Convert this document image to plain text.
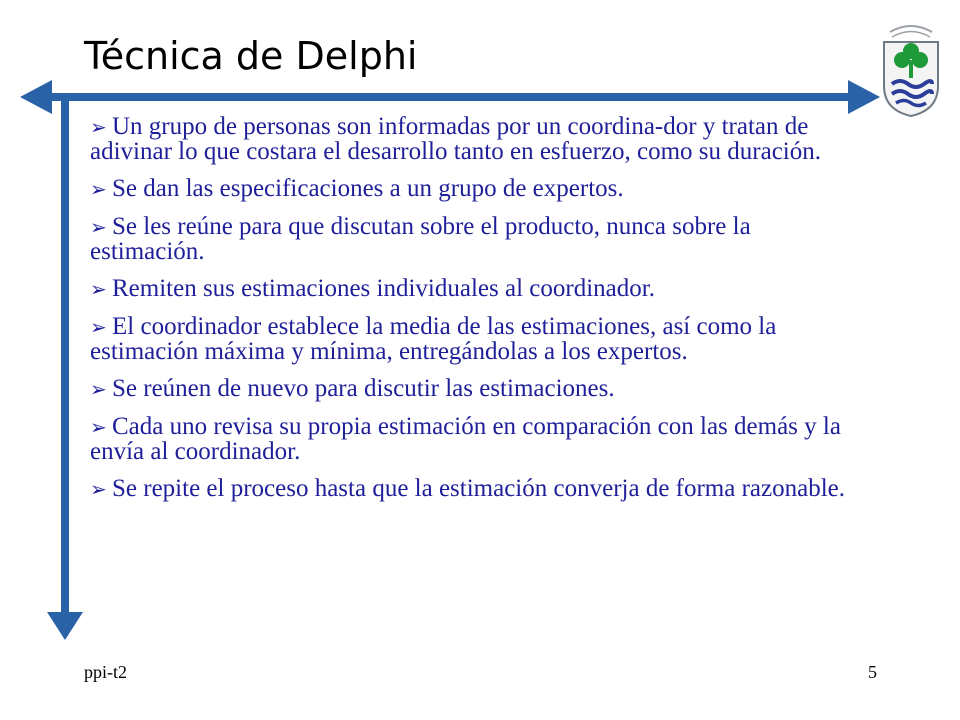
Técnica de Delphi
➢ Un grupo de personas son informadas por un coordina-dor y tratan de adivinar lo que costara el desarrollo tanto en esfuerzo, como su duración.
➢ Se dan las especificaciones a un grupo de expertos.
➢ Se les reúne para que discutan sobre el producto, nunca sobre la estimación.
➢ Remiten sus estimaciones individuales al coordinador.
➢ El coordinador establece la media de las estimaciones, así como la estimación máxima y mínima, entregándolas a los expertos.
➢ Se reúnen de nuevo para discutir las estimaciones.
➢ Cada uno revisa su propia estimación en comparación con las demás y la envía al coordinador.
➢ Se repite el proceso hasta que la estimación converja de forma razonable.
ppi-t2	5
